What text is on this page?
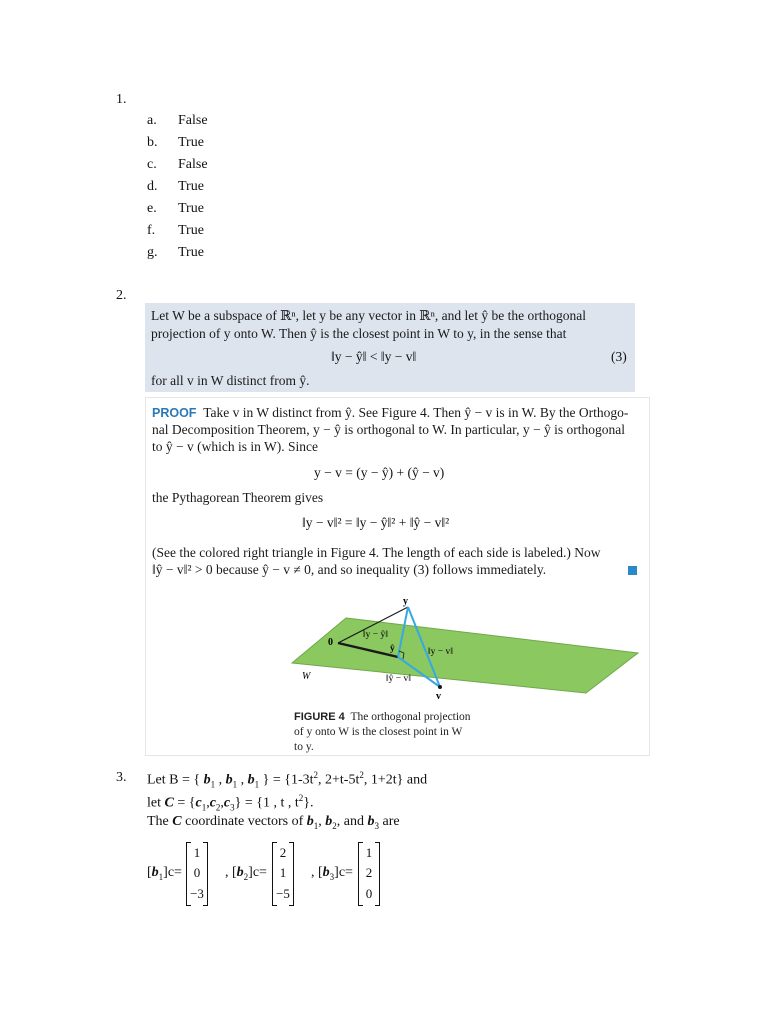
1.
a.	False
b.	True
c.	False
d.	True
e.	True
f.	True
g.	True
2.
Let W be a subspace of ℝⁿ, let y be any vector in ℝⁿ, and let ŷ be the orthogonal
projection of y onto W. Then ŷ is the closest point in W to y, in the sense that
‖y − ŷ‖ < ‖y − v‖	(3)
for all v in W distinct from ŷ.
PROOF Take v in W distinct from ŷ. See Figure 4. Then ŷ − v is in W. By the Orthogo-
nal Decomposition Theorem, y − ŷ is orthogonal to W. In particular, y − ŷ is orthogonal
to ŷ − v (which is in W). Since
y − v = (y − ŷ) + (ŷ − v)
the Pythagorean Theorem gives
‖y − v‖² = ‖y − ŷ‖² + ‖ŷ − v‖²
(See the colored right triangle in Figure 4. The length of each side is labeled.) Now
‖ŷ − v‖² > 0 because ŷ − v ≠ 0, and so inequality (3) follows immediately.
y
0
‖y − ŷ‖
ŷ	‖y − v‖
‖ŷ − v‖
v
W
FIGURE 4 The orthogonal projection
of y onto W is the closest point in W
to y.
3. Let B = { $b_1$ , $b_1$ , $b_1$ } = {$1-3t^2$, $2+t-5t^2$, 1+2t} and
let $C = \{c_1,c_2,c_3\} = \{1$ , t , $t^2$}.
The C coordinate vectors of $b_1$, $b_2$, and $b_3$ are
$[b_1]c=$
1
0
−3
, $[b_2]c=$
2
1
−5
, $[b_3]c=$
1
2
0
